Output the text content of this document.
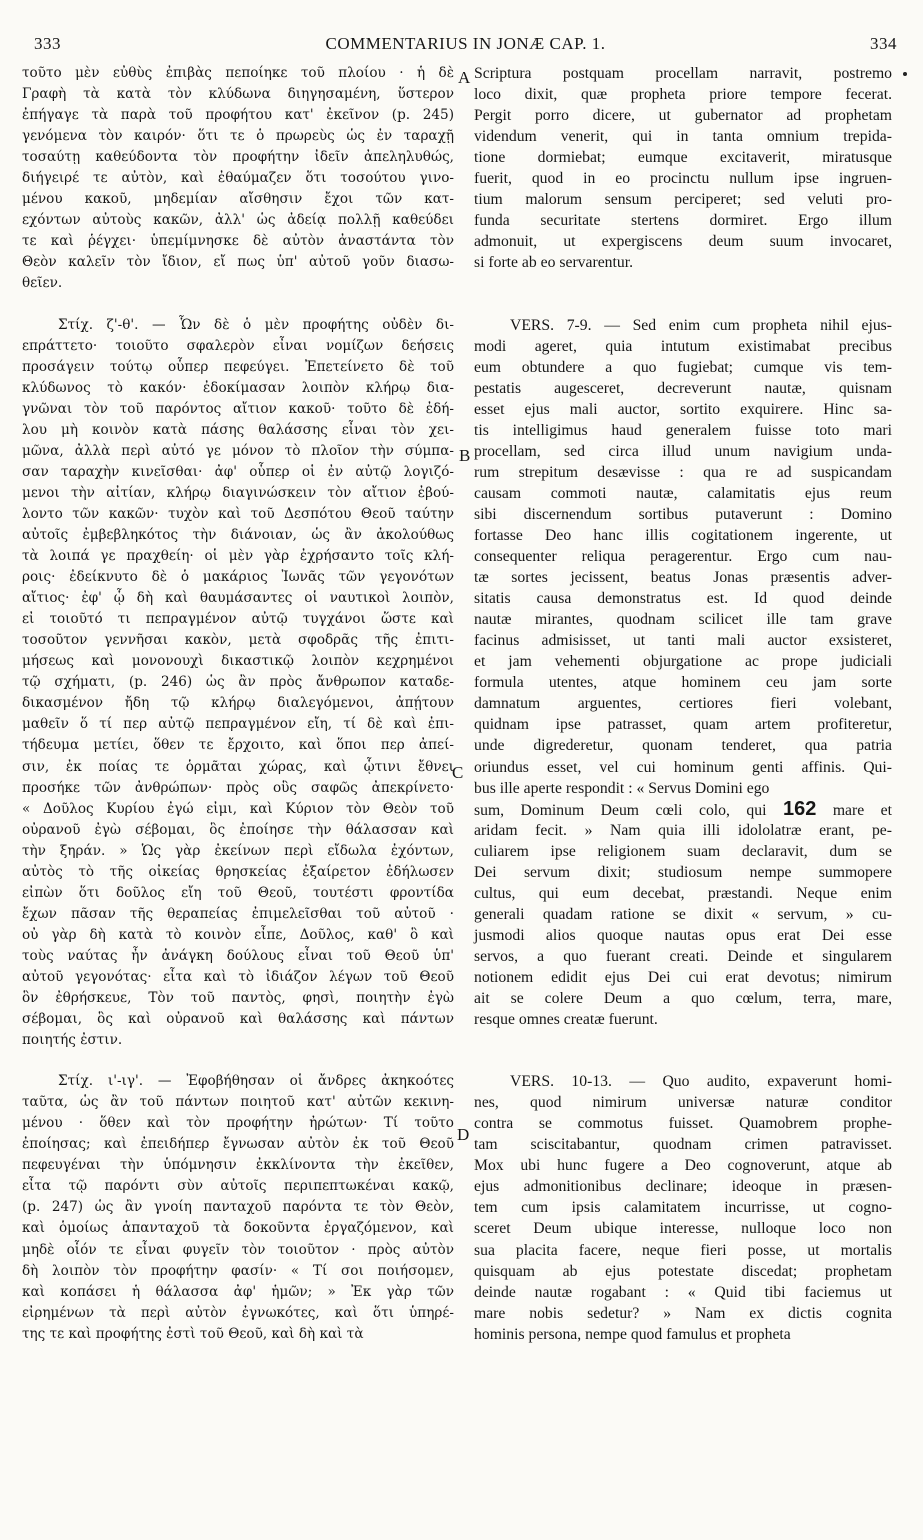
333	COMMENTARIUS IN JONÆ CAP. 1.	334
A
B
C
D
τοῦτο μὲν εὐθὺς ἐπιβὰς πεποίηκε τοῦ πλοίου · ἡ δὲ
Γραφὴ τὰ κατὰ τὸν κλύδωνα διηγησαμένη, ὕστερον
ἐπήγαγε τὰ παρὰ τοῦ προφήτου κατ' ἐκεῖνον (p. 245)
γενόμενα τὸν καιρόν· ὅτι τε ὁ πρωρεὺς ὡς ἐν ταραχῇ
τοσαύτῃ καθεύδοντα τὸν προφήτην ἰδεῖν ἀπεληλυθώς,
διήγειρέ τε αὐτὸν, καὶ ἐθαύμαζεν ὅτι τοσούτου γινο-
μένου κακοῦ, μηδεμίαν αἴσθησιν ἔχοι τῶν κατ-
εχόντων αὐτοὺς κακῶν, ἀλλ' ὡς ἀδείᾳ πολλῇ καθεύδει
τε καὶ ῥέγχει· ὑπεμίμνησκε δὲ αὐτὸν ἀναστάντα τὸν
Θεὸν καλεῖν τὸν ἴδιον, εἴ πως ὑπ' αὐτοῦ γοῦν διασω-
θεῖεν.
Στίχ. ζ'-θ'. — Ὧν δὲ ὁ μὲν προφήτης οὐδὲν δι-
επράττετο· τοιοῦτο σφαλερὸν εἶναι νομίζων δεήσεις
προσάγειν τούτῳ οὗπερ πεφεύγει. Ἐπετείνετο δὲ τοῦ
κλύδωνος τὸ κακόν· ἐδοκίμασαν λοιπὸν κλήρῳ δια-
γνῶναι τὸν τοῦ παρόντος αἴτιον κακοῦ· τοῦτο δὲ ἐδή-
λου μὴ κοινὸν κατὰ πάσης θαλάσσης εἶναι τὸν χει-
μῶνα, ἀλλὰ περὶ αὐτό γε μόνον τὸ πλοῖον τὴν σύμπα-
σαν ταραχὴν κινεῖσθαι· ἀφ' οὗπερ οἱ ἐν αὐτῷ λογιζό-
μενοι τὴν αἰτίαν, κλήρῳ διαγινώσκειν τὸν αἴτιον ἐβού-
λοντο τῶν κακῶν· τυχὸν καὶ τοῦ Δεσπότου Θεοῦ ταύτην
αὐτοῖς ἐμβεβληκότος τὴν διάνοιαν, ὡς ἂν ἀκολούθως
τὰ λοιπά γε πραχθείη· οἱ μὲν γὰρ ἐχρήσαντο τοῖς κλή-
ροις· ἐδείκνυτο δὲ ὁ μακάριος Ἰωνᾶς τῶν γεγονότων
αἴτιος· ἐφ' ᾧ δὴ καὶ θαυμάσαντες οἱ ναυτικοὶ λοιπὸν,
εἰ τοιοῦτό τι πεπραγμένον αὐτῷ τυγχάνοι ὥστε καὶ
τοσοῦτον γεννῆσαι κακὸν, μετὰ σφοδρᾶς τῆς ἐπιτι-
μήσεως καὶ μονονουχὶ δικαστικῷ λοιπὸν κεχρημένοι
τῷ σχήματι, (p. 246) ὡς ἂν πρὸς ἄνθρωπον καταδε-
δικασμένον ἤδη τῷ κλήρῳ διαλεγόμενοι, ἀπῄτουν
μαθεῖν ὅ τί περ αὐτῷ πεπραγμένον εἴη, τί δὲ καὶ ἐπι-
τήδευμα μετίει, ὅθεν τε ἔρχοιτο, καὶ ὅποι περ ἀπεί-
σιν, ἐκ ποίας τε ὁρμᾶται χώρας, καὶ ᾧτινι ἔθνει
προσήκε τῶν ἀνθρώπων· πρὸς οὓς σαφῶς ἀπεκρίνετο·
« Δοῦλος Κυρίου ἐγώ εἰμι, καὶ Κύριον τὸν Θεὸν τοῦ
οὐρανοῦ ἐγὼ σέβομαι, ὃς ἐποίησε τὴν θάλασσαν καὶ
τὴν ξηράν. » Ὡς γὰρ ἐκείνων περὶ εἴδωλα ἐχόντων,
αὐτὸς τὸ τῆς οἰκείας θρησκείας ἐξαίρετον ἐδήλωσεν
εἰπὼν ὅτι δοῦλος εἴη τοῦ Θεοῦ, τουτέστι φροντίδα
ἔχων πᾶσαν τῆς θεραπείας ἐπιμελεῖσθαι τοῦ αὐτοῦ ·
οὐ γὰρ δὴ κατὰ τὸ κοινὸν εἶπε, Δοῦλος, καθ' ὃ καὶ
τοὺς ναύτας ἦν ἀνάγκη δούλους εἶναι τοῦ Θεοῦ ὑπ'
αὐτοῦ γεγονότας· εἶτα καὶ τὸ ἰδιάζον λέγων τοῦ Θεοῦ
ὃν ἐθρήσκευε, Τὸν τοῦ παντὸς, φησὶ, ποιητὴν ἐγὼ
σέβομαι, ὃς καὶ οὐρανοῦ καὶ θαλάσσης καὶ πάντων
ποιητής ἐστιν.
Στίχ. ι'-ιγ'. — Ἐφοβήθησαν οἱ ἄνδρες ἀκηκοότες
ταῦτα, ὡς ἂν τοῦ πάντων ποιητοῦ κατ' αὐτῶν κεκινη-
μένου · ὅθεν καὶ τὸν προφήτην ἠρώτων· Τί τοῦτο
ἐποίησας; καὶ ἐπειδήπερ ἔγνωσαν αὐτὸν ἐκ τοῦ Θεοῦ
πεφευγέναι τὴν ὑπόμνησιν ἐκκλίνοντα τὴν ἐκεῖθεν,
εἶτα τῷ παρόντι σὺν αὐτοῖς περιπεπτωκέναι κακῷ,
(p. 247) ὡς ἂν γνοίη πανταχοῦ παρόντα τε τὸν Θεὸν,
καὶ ὁμοίως ἁπανταχοῦ τὰ δοκοῦντα ἐργαζόμενον, καὶ
μηδὲ οἷόν τε εἶναι φυγεῖν τὸν τοιοῦτον · πρὸς αὐτὸν
δὴ λοιπὸν τὸν προφήτην φασίν· « Τί σοι ποιήσομεν,
καὶ κοπάσει ἡ θάλασσα ἀφ' ἡμῶν; » Ἐκ γὰρ τῶν
εἰρημένων τὰ περὶ αὐτὸν ἐγνωκότες, καὶ ὅτι ὑπηρέ-
της τε καὶ προφήτης ἐστὶ τοῦ Θεοῦ, καὶ δὴ καὶ τὰ
Scriptura postquam procellam narravit, postremo
loco dixit, quæ propheta priore tempore fecerat.
Pergit porro dicere, ut gubernator ad prophetam
videndum venerit, qui in tanta omnium trepida-
tione dormiebat; eumque excitaverit, miratusque
fuerit, quod in eo procinctu nullum ipse ingruen-
tium malorum sensum perciperet; sed veluti pro-
funda securitate stertens dormiret. Ergo illum
admonuit, ut expergiscens deum suum invocaret,
si forte ab eo servarentur.
VERS. 7-9. — Sed enim cum propheta nihil ejus-
modi ageret, quia intutum existimabat precibus
eum obtundere a quo fugiebat; cumque vis tem-
pestatis augesceret, decreverunt nautæ, quisnam
esset ejus mali auctor, sortito exquirere. Hinc sa-
tis intelligimus haud generalem fuisse toto mari
procellam, sed circa illud unum navigium unda-
rum strepitum desævisse : qua re ad suspicandam
causam commoti nautæ, calamitatis ejus reum
sibi discernendum sortibus putaverunt : Domino
fortasse Deo hanc illis cogitationem ingerente, ut
consequenter reliqua peragerentur. Ergo cum nau-
tæ sortes jecissent, beatus Jonas præsentis adver-
sitatis causa demonstratus est. Id quod deinde
nautæ mirantes, quodnam scilicet ille tam grave
facinus admisisset, ut tanti mali auctor exsisteret,
et jam vehementi objurgatione ac prope judiciali
formula utentes, atque hominem ceu jam sorte
damnatum arguentes, certiores fieri volebant,
quidnam ipse patrasset, quam artem profiteretur,
unde digrederetur, quonam tenderet, qua patria
oriundus esset, vel cui hominum genti affinis. Qui-
bus ille aperte respondit : « Servus Domini ego
sum, Dominum Deum cœli colo, qui 162 mare et
aridam fecit. » Nam quia illi idololatræ erant, pe-
culiarem ipse religionem suam declaravit, dum se
Dei servum dixit; studiosum nempe summopere
cultus, qui eum decebat, præstandi. Neque enim
generali quadam ratione se dixit « servum, » cu-
jusmodi alios quoque nautas opus erat Dei esse
servos, a quo fuerant creati. Deinde et singularem
notionem edidit ejus Dei cui erat devotus; nimirum
ait se colere Deum a quo cœlum, terra, mare,
resque omnes creatæ fuerunt.
VERS. 10-13. — Quo audito, expaverunt homi-
nes, quod nimirum universæ naturæ conditor
contra se commotus fuisset. Quamobrem prophe-
tam sciscitabantur, quodnam crimen patravisset.
Mox ubi hunc fugere a Deo cognoverunt, atque ab
ejus admonitionibus declinare; ideoque in præsen-
tem cum ipsis calamitatem incurrisse, ut cogno-
sceret Deum ubique interesse, nulloque loco non
sua placita facere, neque fieri posse, ut mortalis
quisquam ab ejus potestate discedat; prophetam
deinde nautæ rogabant : « Quid tibi faciemus ut
mare nobis sedetur? » Nam ex dictis cognita
hominis persona, nempe quod famulus et propheta
